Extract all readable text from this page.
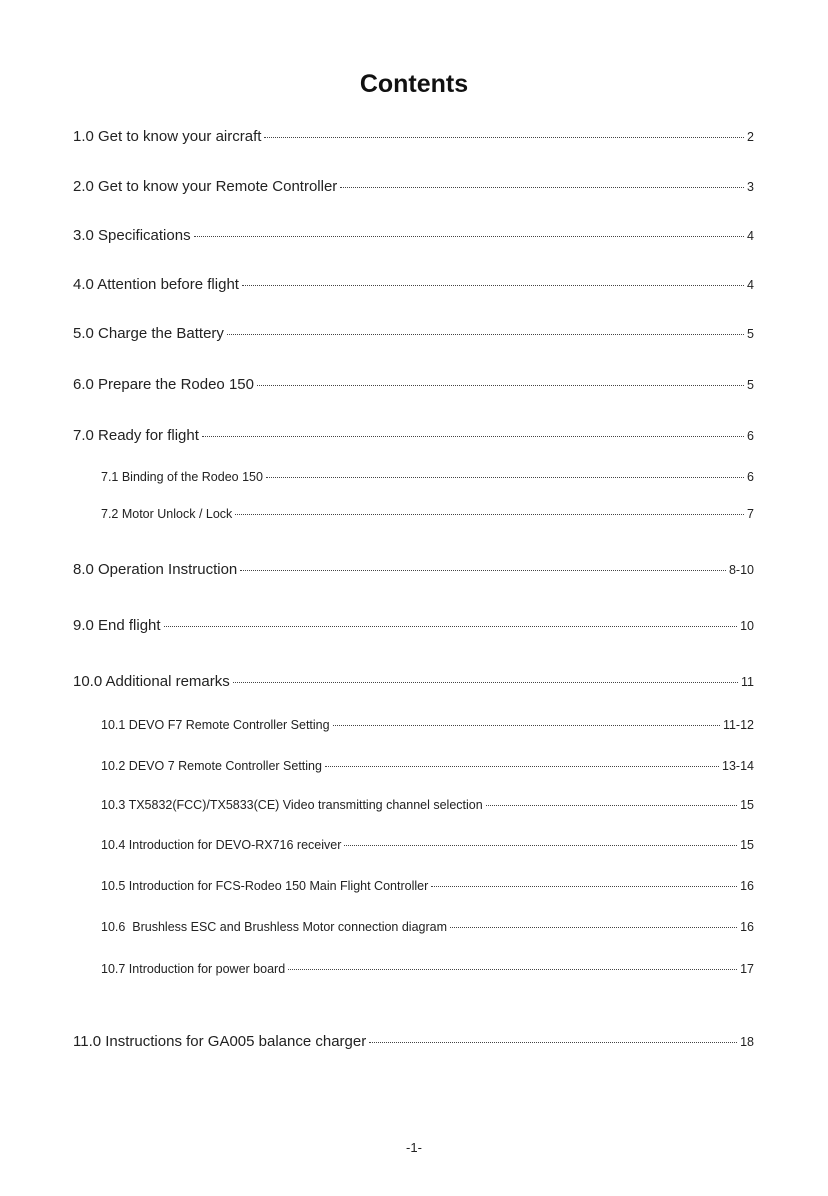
Contents
1.0 Get to know your aircraft	2
2.0 Get to know your Remote Controller	3
3.0 Specifications	4
4.0 Attention before flight	4
5.0 Charge the Battery	5
6.0 Prepare the Rodeo 150	5
7.0 Ready for flight	6
7.1 Binding of the Rodeo 150	6
7.2 Motor Unlock / Lock	7
8.0 Operation Instruction	8-10
9.0 End flight	10
10.0 Additional remarks	11
10.1 DEVO F7 Remote Controller Setting	11-12
10.2 DEVO 7 Remote Controller Setting	13-14
10.3 TX5832(FCC)/TX5833(CE) Video transmitting channel selection	15
10.4 Introduction for DEVO-RX716 receiver	15
10.5 Introduction for FCS-Rodeo 150 Main Flight Controller	16
10.6  Brushless ESC and Brushless Motor connection diagram	16
10.7 Introduction for power board	17
11.0 Instructions for GA005 balance charger	18
-1-
